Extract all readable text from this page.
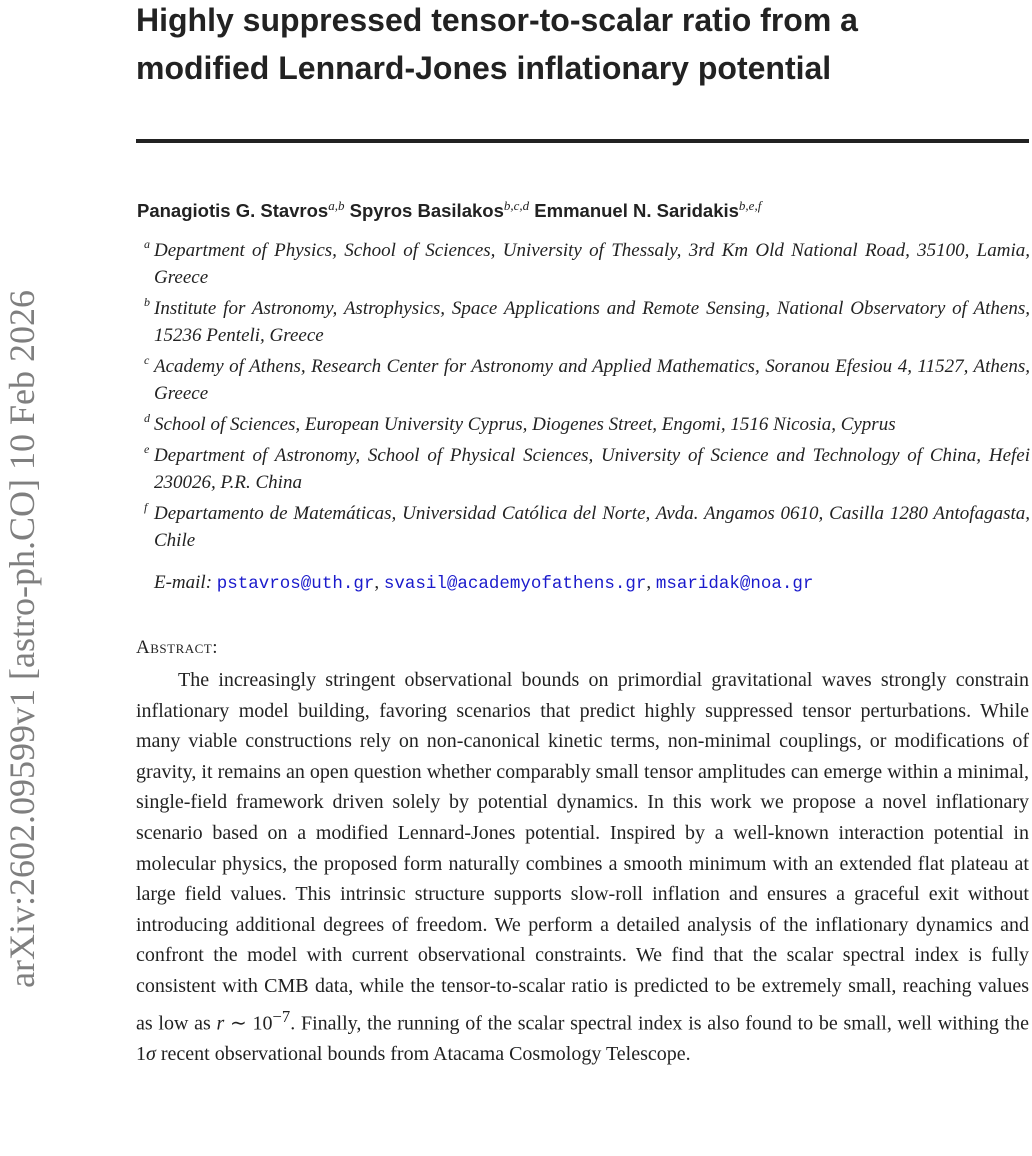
arXiv:2602.09599v1 [astro-ph.CO] 10 Feb 2026
Highly suppressed tensor-to-scalar ratio from a
modified Lennard-Jones inflationary potential
Panagiotis G. Stavros$^{a,b}$ Spyros Basilakos$^{b,c,d}$ Emmanuel N. Saridakis$^{b,e,f}$
a Department of Physics, School of Sciences, University of Thessaly, 3rd Km Old National Road, 35100, Lamia, Greece
b Institute for Astronomy, Astrophysics, Space Applications and Remote Sensing, National Observatory of Athens, 15236 Penteli, Greece
c Academy of Athens, Research Center for Astronomy and Applied Mathematics, Soranou Efesiou 4, 11527, Athens, Greece
d School of Sciences, European University Cyprus, Diogenes Street, Engomi, 1516 Nicosia, Cyprus
e Department of Astronomy, School of Physical Sciences, University of Science and Technology of China, Hefei 230026, P.R. China
f Departamento de Matemáticas, Universidad Católica del Norte, Avda. Angamos 0610, Casilla 1280 Antofagasta, Chile
E-mail: pstavros@uth.gr, svasil@academyofathens.gr, msaridak@noa.gr
Abstract:

The increasingly stringent observational bounds on primordial gravitational waves strongly constrain inflationary model building, favoring scenarios that predict highly suppressed tensor perturbations. While many viable constructions rely on non-canonical kinetic terms, non-minimal couplings, or modifications of gravity, it remains an open question whether comparably small tensor amplitudes can emerge within a minimal, single-field framework driven solely by potential dynamics. In this work we propose a novel inflationary scenario based on a modified Lennard-Jones potential. Inspired by a well-known interaction potential in molecular physics, the proposed form naturally combines a smooth minimum with an extended flat plateau at large field values. This intrinsic structure supports slow-roll inflation and ensures a graceful exit without introducing additional degrees of freedom. We perform a detailed analysis of the inflationary dynamics and confront the model with current observational constraints. We find that the scalar spectral index is fully consistent with CMB data, while the tensor-to-scalar ratio is predicted to be extremely small, reaching values as low as r ∼ $10^{-7}$. Finally, the running of the scalar spectral index is also found to be small, well withing the 1σ recent observational bounds from Atacama Cosmology Telescope.
